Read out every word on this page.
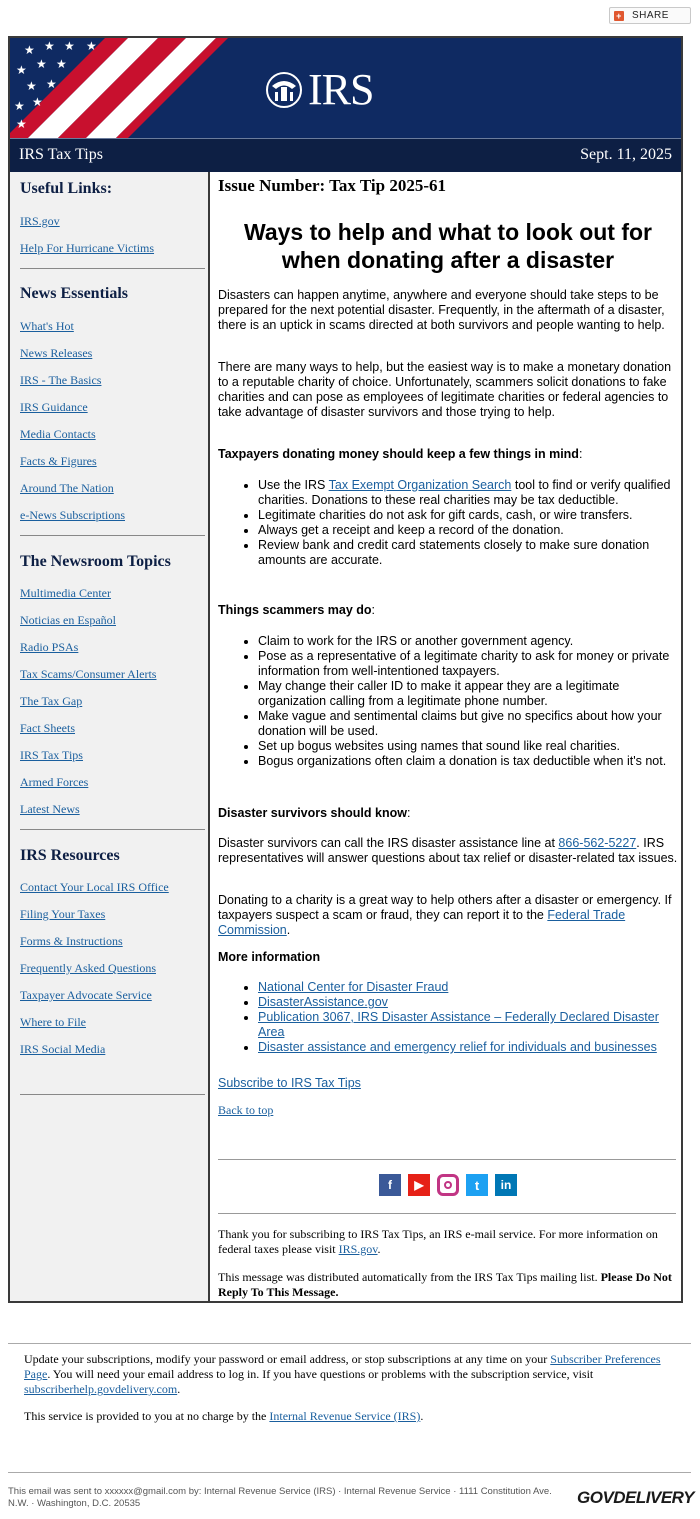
+ SHARE
★ ★ ★ ★
★ ★ ★
★ ★
★ ★
★
IRS
IRS Tax Tips	Sept. 11, 2025
Useful Links:
IRS.gov
Help For Hurricane Victims
News Essentials
What's Hot
News Releases
IRS - The Basics
IRS Guidance
Media Contacts
Facts & Figures
Around The Nation
e-News Subscriptions
The Newsroom Topics
Multimedia Center
Noticias en Español
Radio PSAs
Tax Scams/Consumer Alerts
The Tax Gap
Fact Sheets
IRS Tax Tips
Armed Forces
Latest News
IRS Resources
Contact Your Local IRS Office
Filing Your Taxes
Forms & Instructions
Frequently Asked Questions
Taxpayer Advocate Service
Where to File
IRS Social Media
Issue Number: Tax Tip 2025-61
Ways to help and what to look out for when donating after a disaster

Disasters can happen anytime, anywhere and everyone should take steps to be prepared for the next potential disaster. Frequently, in the aftermath of a disaster, there is an uptick in scams directed at both survivors and people wanting to help.

There are many ways to help, but the easiest way is to make a monetary donation to a reputable charity of choice. Unfortunately, scammers solicit donations to fake charities and can pose as employees of legitimate charities or federal agencies to take advantage of disaster survivors and those trying to help.

Taxpayers donating money should keep a few things in mind:
• Use the IRS Tax Exempt Organization Search tool to find or verify qualified charities. Donations to these real charities may be tax deductible.
• Legitimate charities do not ask for gift cards, cash, or wire transfers.
• Always get a receipt and keep a record of the donation.
• Review bank and credit card statements closely to make sure donation amounts are accurate.
Things scammers may do:
• Claim to work for the IRS or another government agency.
• Pose as a representative of a legitimate charity to ask for money or private information from well-intentioned taxpayers.
• May change their caller ID to make it appear they are a legitimate organization calling from a legitimate phone number.
• Make vague and sentimental claims but give no specifics about how your donation will be used.
• Set up bogus websites using names that sound like real charities.
• Bogus organizations often claim a donation is tax deductible when it's not.
Disaster survivors should know:

Disaster survivors can call the IRS disaster assistance line at 866-562-5227. IRS representatives will answer questions about tax relief or disaster-related tax issues.

Donating to a charity is a great way to help others after a disaster or emergency. If taxpayers suspect a scam or fraud, they can report it to the Federal Trade Commission.

More information
• National Center for Disaster Fraud
• DisasterAssistance.gov
• Publication 3067, IRS Disaster Assistance – Federally Declared Disaster Area
• Disaster assistance and emergency relief for individuals and businesses
Subscribe to IRS Tax Tips
Back to top
f	▶	t	in

Thank you for subscribing to IRS Tax Tips, an IRS e-mail service. For more information on federal taxes please visit IRS.gov.

This message was distributed automatically from the IRS Tax Tips mailing list. Please Do Not Reply To This Message.

Update your subscriptions, modify your password or email address, or stop subscriptions at any time on your Subscriber Preferences Page. You will need your email address to log in. If you have questions or problems with the subscription service, visit subscriberhelp.govdelivery.com.

This service is provided to you at no charge by the Internal Revenue Service (IRS).

This email was sent to xxxxxx@gmail.com by: Internal Revenue Service (IRS) · Internal Revenue Service · 1111 Constitution Ave. N.W. · Washington, D.C. 20535	GOVDELIVERY
